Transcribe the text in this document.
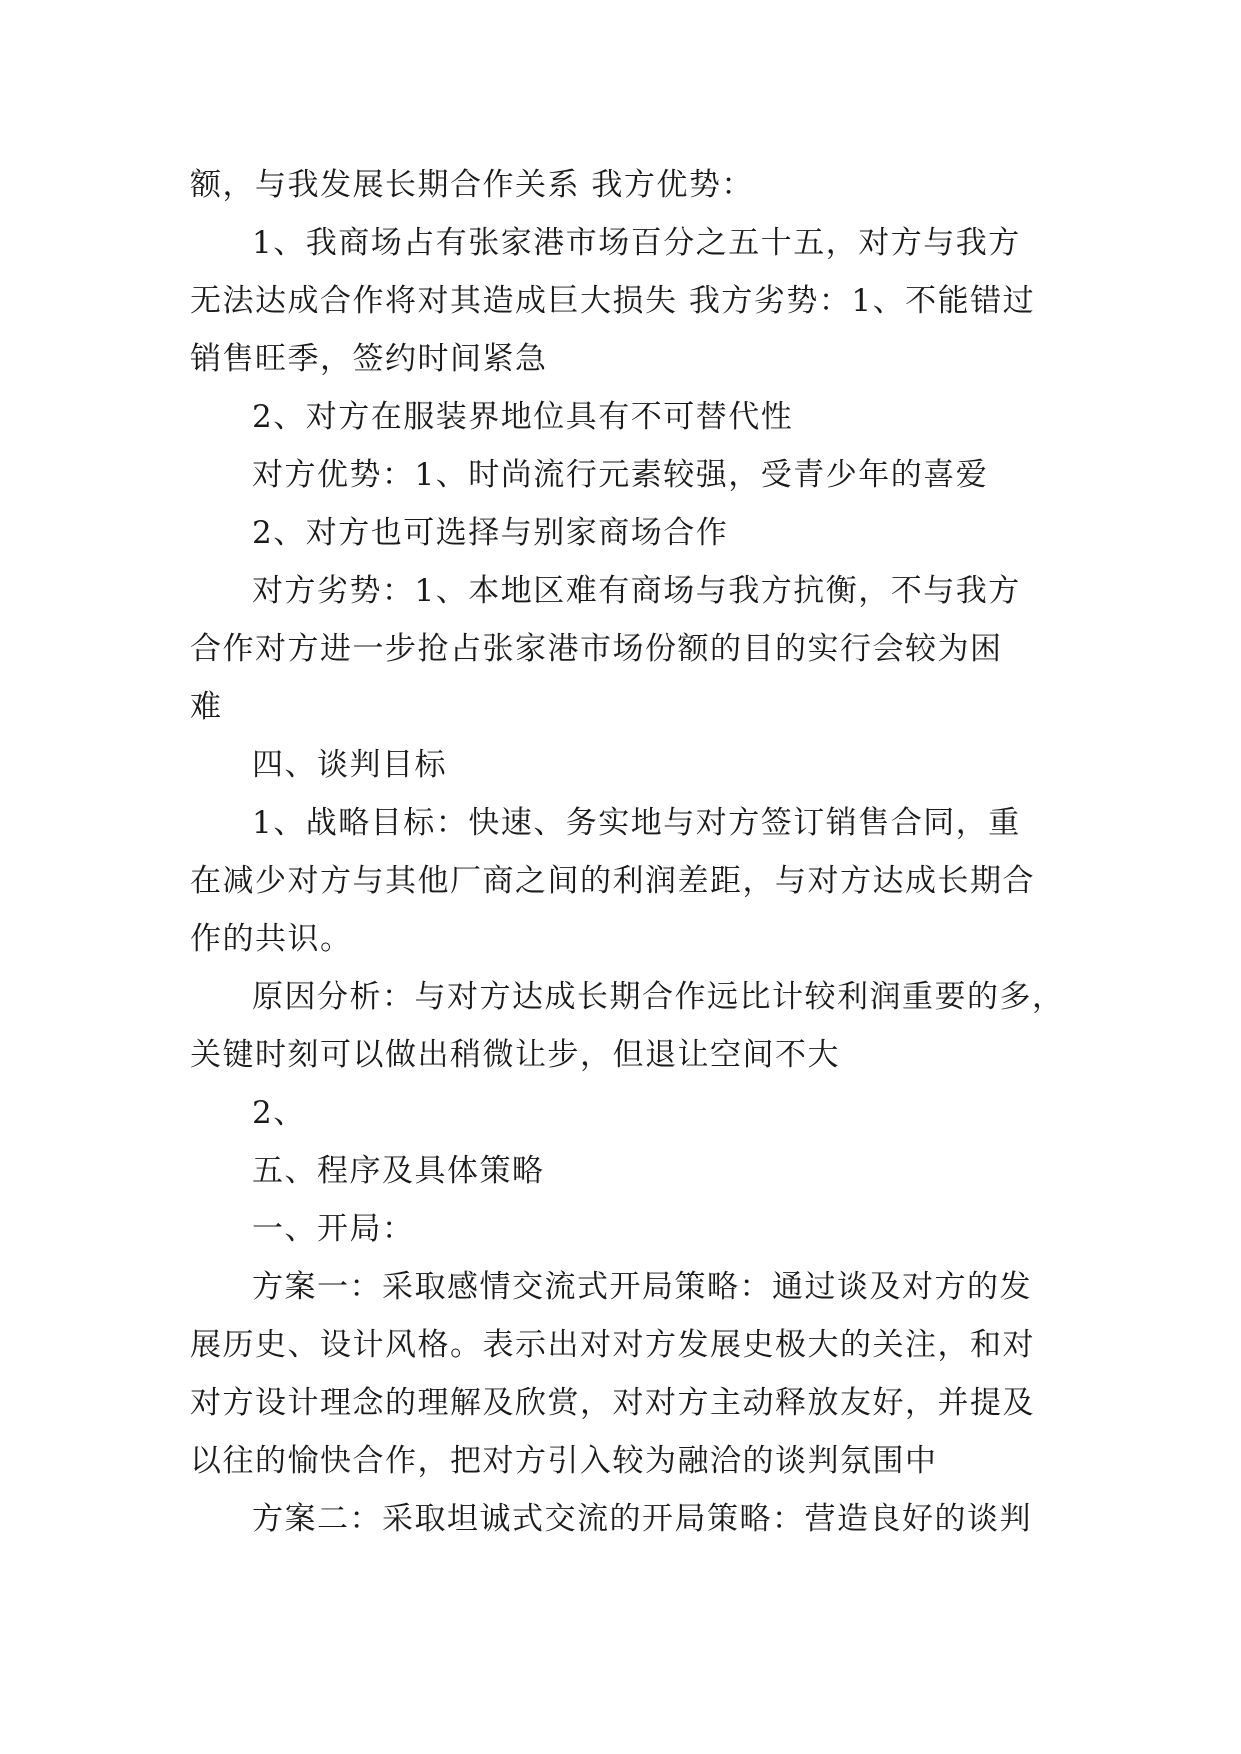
额，与我发展长期合作关系 我方优势：
1、我商场占有张家港市场百分之五十五，对方与我方
无法达成合作将对其造成巨大损失 我方劣势：1、不能错过
销售旺季，签约时间紧急
2、对方在服装界地位具有不可替代性
对方优势：1、时尚流行元素较强，受青少年的喜爱
2、对方也可选择与别家商场合作
对方劣势：1、本地区难有商场与我方抗衡，不与我方
合作对方进一步抢占张家港市场份额的目的实行会较为困
难
四、谈判目标
1、战略目标：快速、务实地与对方签订销售合同，重
在减少对方与其他厂商之间的利润差距，与对方达成长期合
作的共识。
原因分析：与对方达成长期合作远比计较利润重要的多，
关键时刻可以做出稍微让步，但退让空间不大
2、
五、程序及具体策略
一、开局：
方案一：采取感情交流式开局策略：通过谈及对方的发
展历史、设计风格。表示出对对方发展史极大的关注，和对
对方设计理念的理解及欣赏，对对方主动释放友好，并提及
以往的愉快合作，把对方引入较为融洽的谈判氛围中
方案二：采取坦诚式交流的开局策略：营造良好的谈判
